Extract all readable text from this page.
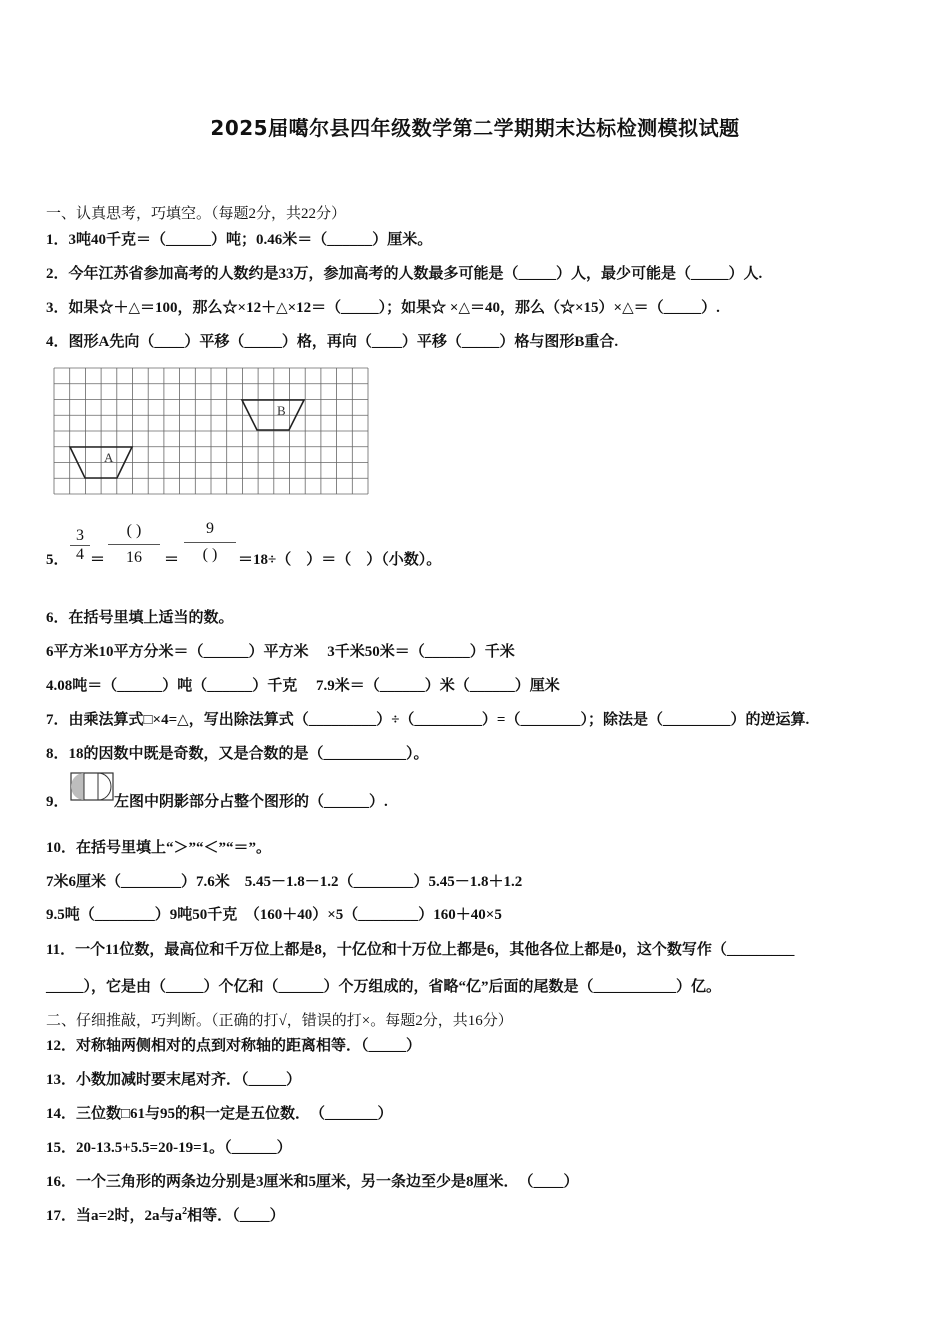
2025届噶尔县四年级数学第二学期期末达标检测模拟试题
一、认真思考，巧填空。（每题2分，共22分）
1．3吨40千克＝（______）吨；0.46米＝（______）厘米。
2．今年江苏省参加高考的人数约是33万，参加高考的人数最多可能是（_____）人，最少可能是（_____）人.
3．如果☆＋△＝100，那么☆×12＋△×12＝（_____）；如果☆ ×△＝40，那么（☆×15）×△＝（_____）.
4．图形A先向（____）平移（_____）格，再向（____）平移（_____）格与图形B重合.
A
B
5． $\frac{3}{4}$ ＝
( )
16	＝
9
( )	＝18÷（　）＝（　）（小数）。
6．在括号里填上适当的数。
6平方米10平方分米＝（______）平方米　 3千米50米＝（______）千米
4.08吨＝（______）吨（______）千克　 7.9米＝（______）米（______）厘米
7．由乘法算式□×4=△，写出除法算式（_________）÷（_________）=（________）；除法是（_________）的逆运算.
8．18的因数中既是奇数，又是合数的是（___________）。
9．	左图中阴影部分占整个图形的（______）.
10．在括号里填上“＞”“＜”“＝”。
7米6厘米（________）7.6米　5.45－1.8－1.2（________）5.45－1.8＋1.2
9.5吨（________）9吨50千克　（160＋40）×5（________）160＋40×5
11．一个11位数，最高位和千万位上都是8，十亿位和十万位上都是6，其他各位上都是0，这个数写作（_________
_____），它是由（_____）个亿和（______）个万组成的，省略“亿”后面的尾数是（___________）亿。
二、仔细推敲，巧判断。（正确的打√，错误的打×。每题2分，共16分）
12．对称轴两侧相对的点到对称轴的距离相等．（_____）
13．小数加减时要末尾对齐．（_____）
14．三位数□61与95的积一定是五位数．　（_______）
15．20-13.5+5.5=20-19=1。（______）
16．一个三角形的两条边分别是3厘米和5厘米，另一条边至少是8厘米．　（____）
17．当a=2时，2a与$a^2$相等．（____）
